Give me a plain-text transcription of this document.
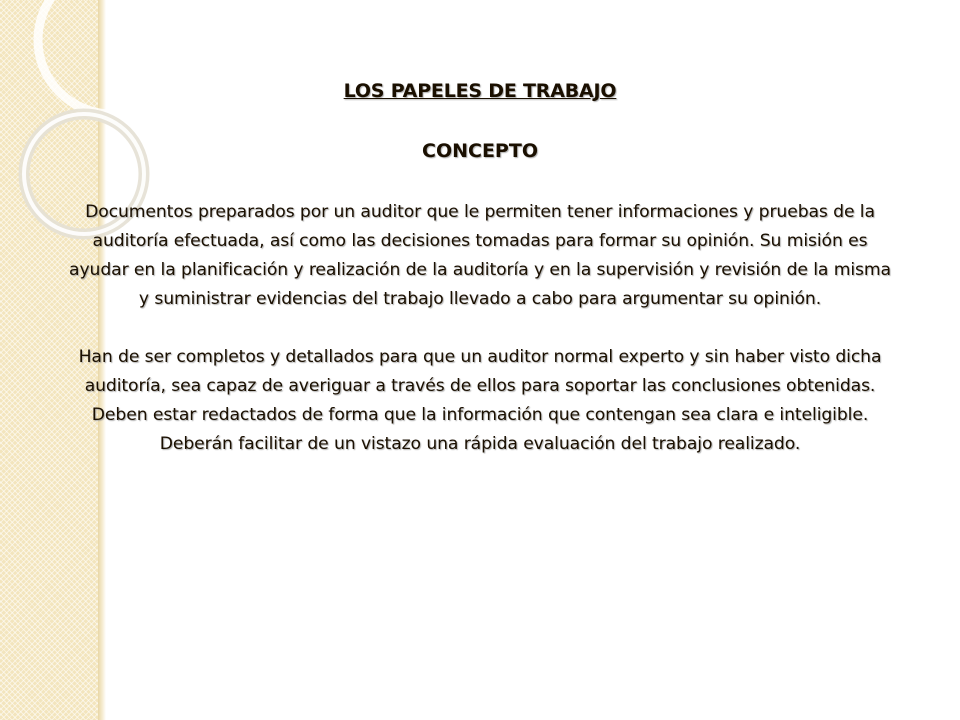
LOS PAPELES DE TRABAJO

CONCEPTO

Documentos preparados por un auditor que le permiten tener informaciones y pruebas de la auditoría efectuada, así como las decisiones tomadas para formar su opinión. Su misión es ayudar en la planificación y realización de la auditoría y en la supervisión y revisión de la misma y suministrar evidencias del trabajo llevado a cabo para argumentar su opinión.

Han de ser completos y detallados para que un auditor normal experto y sin haber visto dicha auditoría, sea capaz de averiguar a través de ellos para soportar las conclusiones obtenidas. Deben estar redactados de forma que la información que contengan sea clara e inteligible. Deberán facilitar de un vistazo una rápida evaluación del trabajo realizado.
